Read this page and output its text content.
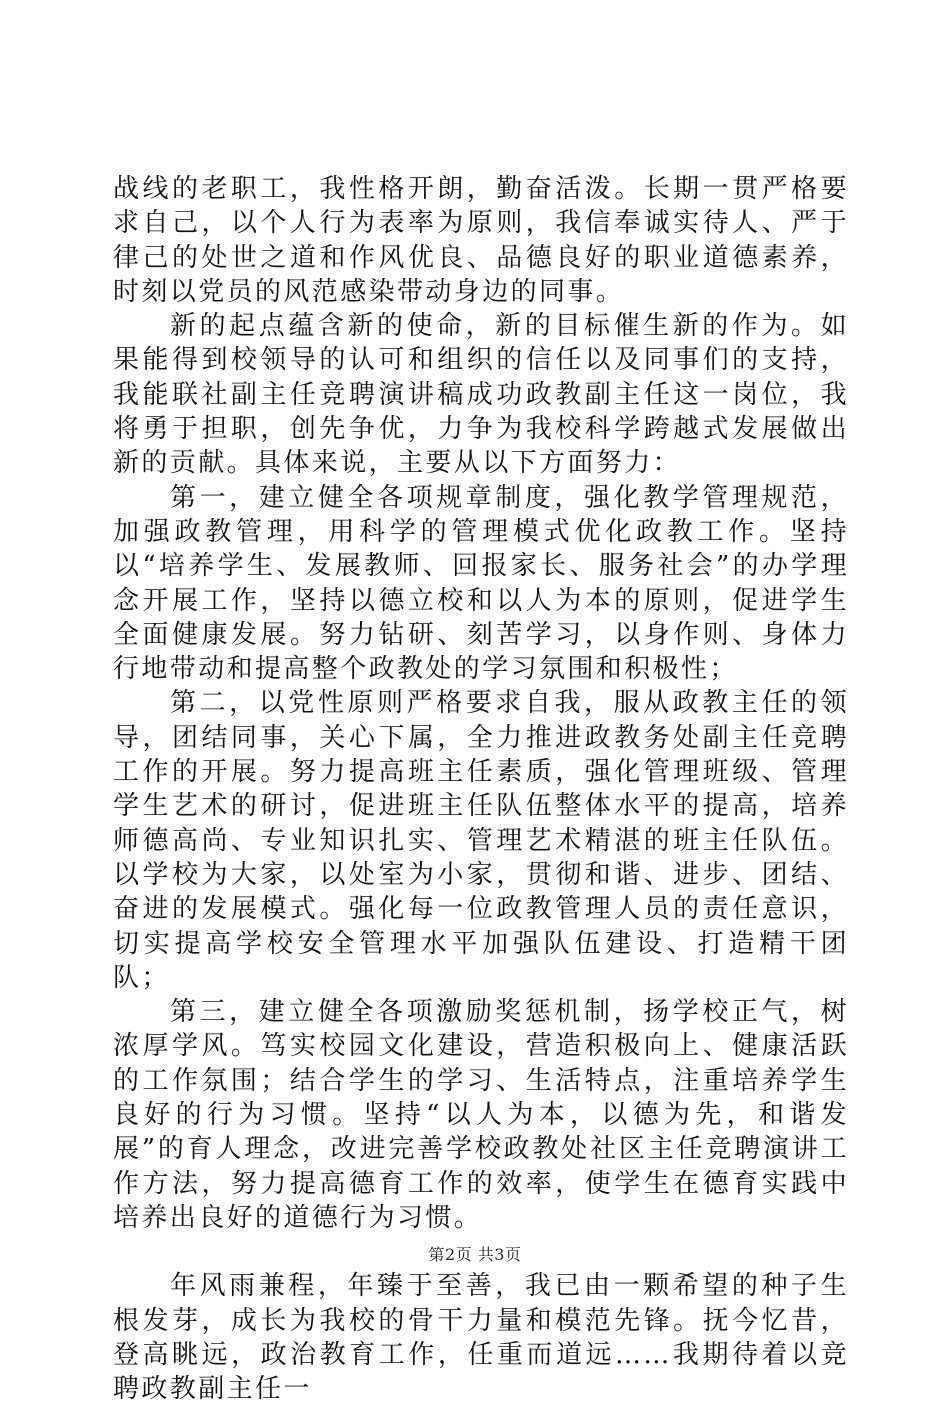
战线的老职工，我性格开朗，勤奋活泼。长期一贯严格要求自己，以个人行为表率为原则，我信奉诚实待人、严于律己的处世之道和作风优良、品德良好的职业道德素养，时刻以党员的风范感染带动身边的同事。

新的起点蕴含新的使命，新的目标催生新的作为。如果能得到校领导的认可和组织的信任以及同事们的支持，我能联社副主任竞聘演讲稿成功政教副主任这一岗位，我将勇于担职，创先争优，力争为我校科学跨越式发展做出新的贡献。具体来说，主要从以下方面努力：

第一，建立健全各项规章制度，强化教学管理规范，加强政教管理，用科学的管理模式优化政教工作。坚持以“培养学生、发展教师、回报家长、服务社会”的办学理念开展工作，坚持以德立校和以人为本的原则，促进学生全面健康发展。努力钻研、刻苦学习，以身作则、身体力行地带动和提高整个政教处的学习氛围和积极性；

第二，以党性原则严格要求自我，服从政教主任的领导，团结同事，关心下属，全力推进政教务处副主任竞聘工作的开展。努力提高班主任素质，强化管理班级、管理学生艺术的研讨，促进班主任队伍整体水平的提高，培养师德高尚、专业知识扎实、管理艺术精湛的班主任队伍。以学校为大家，以处室为小家，贯彻和谐、进步、团结、奋进的发展模式。强化每一位政教管理人员的责任意识，切实提高学校安全管理水平加强队伍建设、打造精干团队；

第三，建立健全各项激励奖惩机制，扬学校正气，树浓厚学风。笃实校园文化建设，营造积极向上、健康活跃的工作氛围；结合学生的学习、生活特点，注重培养学生良好的行为习惯。坚持“以人为本，以德为先，和谐发展”的育人理念，改进完善学校政教处社区主任竞聘演讲工作方法，努力提高德育工作的效率，使学生在德育实践中培养出良好的道德行为习惯。

年风雨兼程，年臻于至善，我已由一颗希望的种子生根发芽，成长为我校的骨干力量和模范先锋。抚今忆昔，登高眺远，政治教育工作，任重而道远……我期待着以竞聘政教副主任一

第2页 共3页
